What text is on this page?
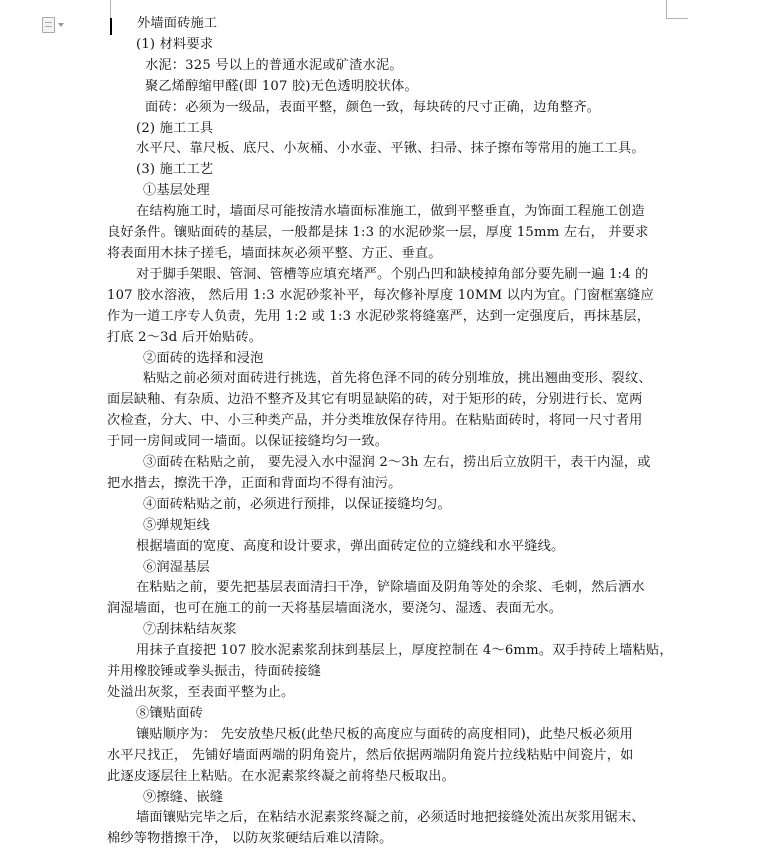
外墙面砖施工
(1) 材料要求
水泥：325 号以上的普通水泥或矿渣水泥。
聚乙烯醇缩甲醛(即 107 胶)无色透明胶状体。
面砖：必须为一级品，表面平整，颜色一致，每块砖的尺寸正确，边角整齐。
(2) 施工工具
水平尺、靠尺板、底尺、小灰桶、小水壶、平锹、扫帚、抹子擦布等常用的施工工具。
(3) 施工工艺
①基层处理
在结构施工时，墙面尽可能按清水墙面标准施工，做到平整垂直，为饰面工程施工创造
良好条件。镶贴面砖的基层，一般都是抹 1:3 的水泥砂浆一层，厚度 15mm 左右， 并要求
将表面用木抹子搓毛，墙面抹灰必须平整、方正、垂直。
对于脚手架眼、管洞、管槽等应填充堵严。个别凸凹和缺棱掉角部分要先刷一遍 1:4 的
107 胶水溶液， 然后用 1:3 水泥砂浆补平，每次修补厚度 10MM 以内为宜。门窗框塞缝应
作为一道工序专人负责，先用 1:2 或 1:3 水泥砂浆将缝塞严，达到一定强度后，再抹基层，
打底 2～3d 后开始贴砖。
②面砖的选择和浸泡
粘贴之前必须对面砖进行挑选，首先将色泽不同的砖分别堆放，挑出翘曲变形、裂纹、
面层缺釉、有杂质、边沿不整齐及其它有明显缺陷的砖，对于矩形的砖，分别进行长、宽两
次检查，分大、中、小三种类产品，并分类堆放保存待用。在粘贴面砖时，将同一尺寸者用
于同一房间或同一墙面。以保证接缝均匀一致。
③面砖在粘贴之前， 要先浸入水中湿润 2～3h 左右，捞出后立放阴干，表干内湿，或
把水揩去，擦洗干净，正面和背面均不得有油污。
④面砖粘贴之前，必须进行预排，以保证接缝均匀。
⑤弹规矩线
根据墙面的宽度、高度和设计要求，弹出面砖定位的立缝线和水平缝线。
⑥润湿基层
在粘贴之前，要先把基层表面清扫干净，铲除墙面及阴角等处的余浆、毛刺，然后洒水
润湿墙面，也可在施工的前一天将基层墙面浇水，要浇匀、湿透、表面无水。
⑦刮抹粘结灰浆
用抹子直接把 107 胶水泥素浆刮抹到基层上，厚度控制在 4～6mm。双手持砖上墙粘贴，
并用橡胶锤或拳头振击，待面砖接缝
处溢出灰浆，至表面平整为止。
⑧镶贴面砖
镶贴顺序为： 先安放垫尺板(此垫尺板的高度应与面砖的高度相同)，此垫尺板必须用
水平尺找正， 先铺好墙面两端的阴角瓷片，然后依据两端阴角瓷片拉线粘贴中间瓷片，如
此逐皮逐层往上粘贴。在水泥素浆终凝之前将垫尺板取出。
⑨擦缝、嵌缝
墙面镶贴完毕之后，在粘结水泥素浆终凝之前，必须适时地把接缝处流出灰浆用锯末、
棉纱等物揩擦干净， 以防灰浆硬结后难以清除。
